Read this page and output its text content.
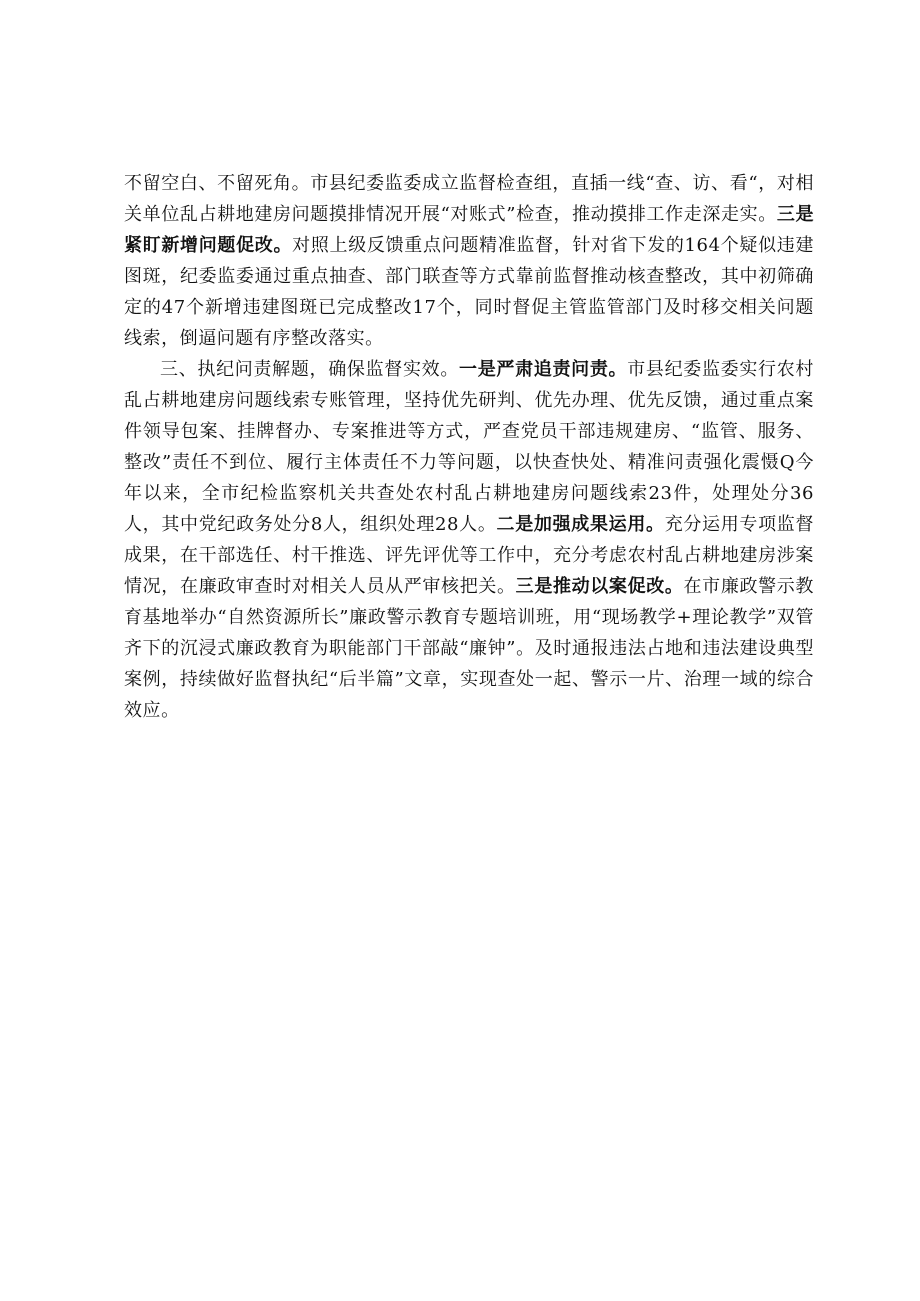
不留空白、不留死角。市县纪委监委成立监督检查组，直插一线“查、访、看“，对相关单位乱占耕地建房问题摸排情况开展“对账式”检查，推动摸排工作走深走实。三是紧盯新增问题促改。对照上级反馈重点问题精准监督，针对省下发的164个疑似违建图斑，纪委监委通过重点抽查、部门联查等方式靠前监督推动核查整改，其中初筛确定的47个新增违建图斑已完成整改17个，同时督促主管监管部门及时移交相关问题线索，倒逼问题有序整改落实。

三、执纪问责解题，确保监督实效。一是严肃追责问责。市县纪委监委实行农村乱占耕地建房问题线索专账管理，坚持优先研判、优先办理、优先反馈，通过重点案件领导包案、挂牌督办、专案推进等方式，严查党员干部违规建房、“监管、服务、整改”责任不到位、履行主体责任不力等问题，以快查快处、精准问责强化震慑Q今年以来，全市纪检监察机关共查处农村乱占耕地建房问题线索23件，处理处分36人，其中党纪政务处分8人，组织处理28人。二是加强成果运用。充分运用专项监督成果，在干部选任、村干推选、评先评优等工作中，充分考虑农村乱占耕地建房涉案情况，在廉政审查时对相关人员从严审核把关。三是推动以案促改。在市廉政警示教育基地举办“自然资源所长”廉政警示教育专题培训班，用“现场教学+理论教学”双管齐下的沉浸式廉政教育为职能部门干部敲“廉钟”。及时通报违法占地和违法建设典型案例，持续做好监督执纪“后半篇”文章，实现查处一起、警示一片、治理一域的综合效应。
